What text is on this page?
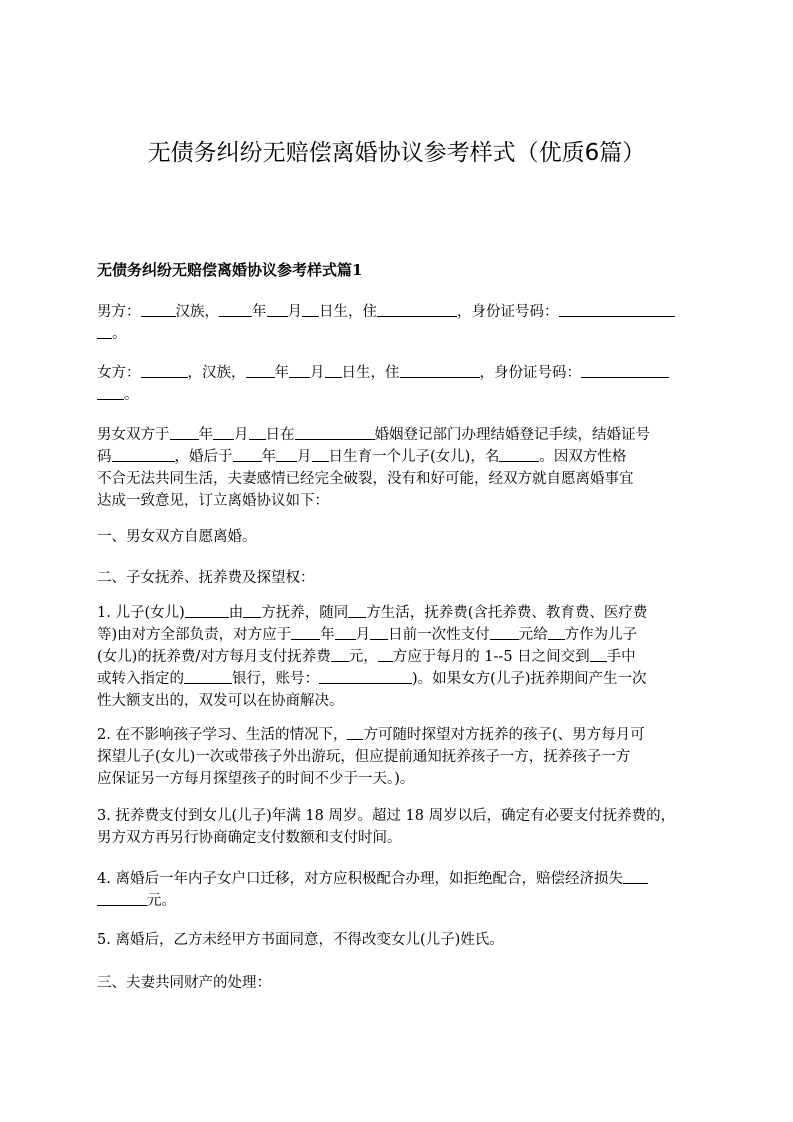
无债务纠纷无赔偿离婚协议参考样式（优质6篇）
无债务纠纷无赔偿离婚协议参考样式篇1
男方： 汉族， 年 月 日生，住	，身份证号码：
。
女方：	，汉族， 年 月 日生，住	，身份证号码：
。
男女双方于 年 月 日在	婚姻登记部门办理结婚登记手续，结婚证号
码	，婚后于 年 月 日生育一个儿子(女儿)，名	。因双方性格
不合无法共同生活，夫妻感情已经完全破裂，没有和好可能，经双方就自愿离婚事宜
达成一致意见，订立离婚协议如下：
一、男女双方自愿离婚。
二、子女抚养、抚养费及探望权：
1. 儿子(女儿)	由 方抚养，随同 方生活，抚养费(含托养费、教育费、医疗费
等)由对方全部负责，对方应于 年 月 日前一次性支付 元给 方作为儿子
(女儿)的抚养费/对方每月支付抚养费 元， 方应于每月的 1--5 日之间交到 手中
或转入指定的	银行，账号：	)。如果女方(儿子)抚养期间产生一次
性大额支出的，双发可以在协商解决。
2. 在不影响孩子学习、生活的情况下， 方可随时探望对方抚养的孩子(、男方每月可
探望儿子(女儿)一次或带孩子外出游玩，但应提前通知抚养孩子一方，抚养孩子一方
应保证另一方每月探望孩子的时间不少于一天。)。
3. 抚养费支付到女儿(儿子)年满 18 周岁。超过 18 周岁以后，确定有必要支付抚养费的，
男方双方再另行协商确定支付数额和支付时间。
4. 离婚后一年内子女户口迁移，对方应积极配合办理，如拒绝配合，赔偿经济损失
元。
5. 离婚后，乙方未经甲方书面同意，不得改变女儿(儿子)姓氏。
三、夫妻共同财产的处理：
